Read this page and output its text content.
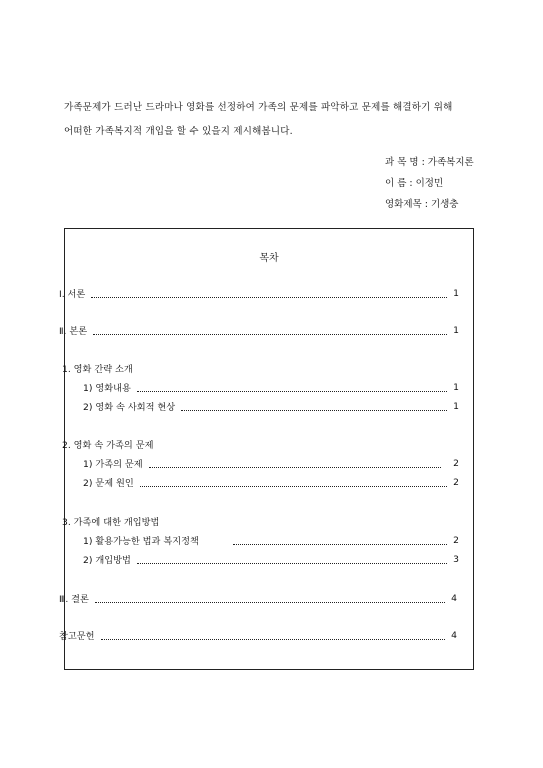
가족문제가 드러난 드라마나 영화를 선정하여 가족의 문제를 파악하고 문제를 해결하기 위해
어떠한 가족복지적 개입을 할 수 있을지 제시해봅니다.
과 목 명 : 가족복지론
이 름 : 이정민
영화제목 : 기생충
목차
Ⅰ. 서론	1
Ⅱ. 본론	1
1. 영화 간략 소개
1) 영화내용	1
2) 영화 속 사회적 현상	1
2. 영화 속 가족의 문제
1) 가족의 문제	2
2) 문제 원인	2
3. 가족에 대한 개입방법
1) 활용가능한 법과 복지정책	2
2) 개입방법	3
Ⅲ. 결론	4
참고문헌	4
